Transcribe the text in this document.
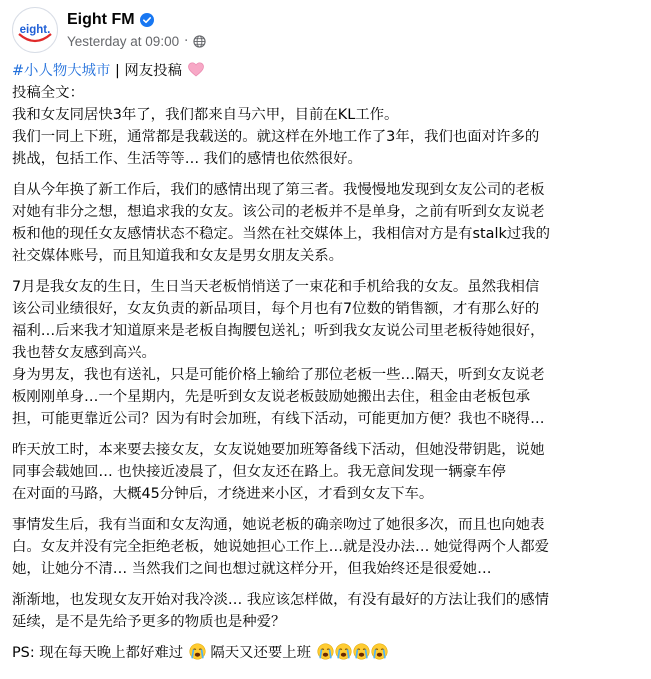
eight.
Eight FM
Yesterday at 09:00 ·
#小人物大城市 | 网友投稿
投稿全文：
我和女友同居快3年了，我们都来自马六甲，目前在KL工作。
我们一同上下班，通常都是我载送的。就这样在外地工作了3年，我们也面对许多的
挑战，包括工作、生活等等… 我们的感情也依然很好。
自从今年换了新工作后，我们的感情出现了第三者。我慢慢地发现到女友公司的老板
对她有非分之想，想追求我的女友。该公司的老板并不是单身，之前有听到女友说老
板和他的现任女友感情状态不稳定。当然在社交媒体上，我相信对方是有stalk过我的
社交媒体账号，而且知道我和女友是男女朋友关系。
7月是我女友的生日，生日当天老板悄悄送了一束花和手机给我的女友。虽然我相信
该公司业绩很好，女友负责的新品项目，每个月也有7位数的销售额，才有那么好的
福利…后来我才知道原来是老板自掏腰包送礼；听到我女友说公司里老板待她很好，
我也替女友感到高兴。
身为男友，我也有送礼，只是可能价格上输给了那位老板一些…隔天，听到女友说老
板刚刚单身…一个星期内，先是听到女友说老板鼓励她搬出去住，租金由老板包承
担，可能更靠近公司？因为有时会加班，有线下活动，可能更加方便？我也不晓得…
昨天放工时，本来要去接女友，女友说她要加班筹备线下活动，但她没带钥匙，说她
同事会载她回… 也快接近凌晨了，但女友还在路上。我无意间发现一辆豪车停
在对面的马路，大概45分钟后，才绕进来小区，才看到女友下车。
事情发生后，我有当面和女友沟通，她说老板的确亲吻过了她很多次，而且也向她表
白。女友并没有完全拒绝老板，她说她担心工作上…就是没办法… 她觉得两个人都爱
她，让她分不清… 当然我们之间也想过就这样分开，但我始终还是很爱她…
渐渐地，也发现女友开始对我冷淡… 我应该怎样做，有没有最好的方法让我们的感情
延续，是不是先给予更多的物质也是种爱？
PS: 现在每天晚上都好难过 隔天又还要上班
